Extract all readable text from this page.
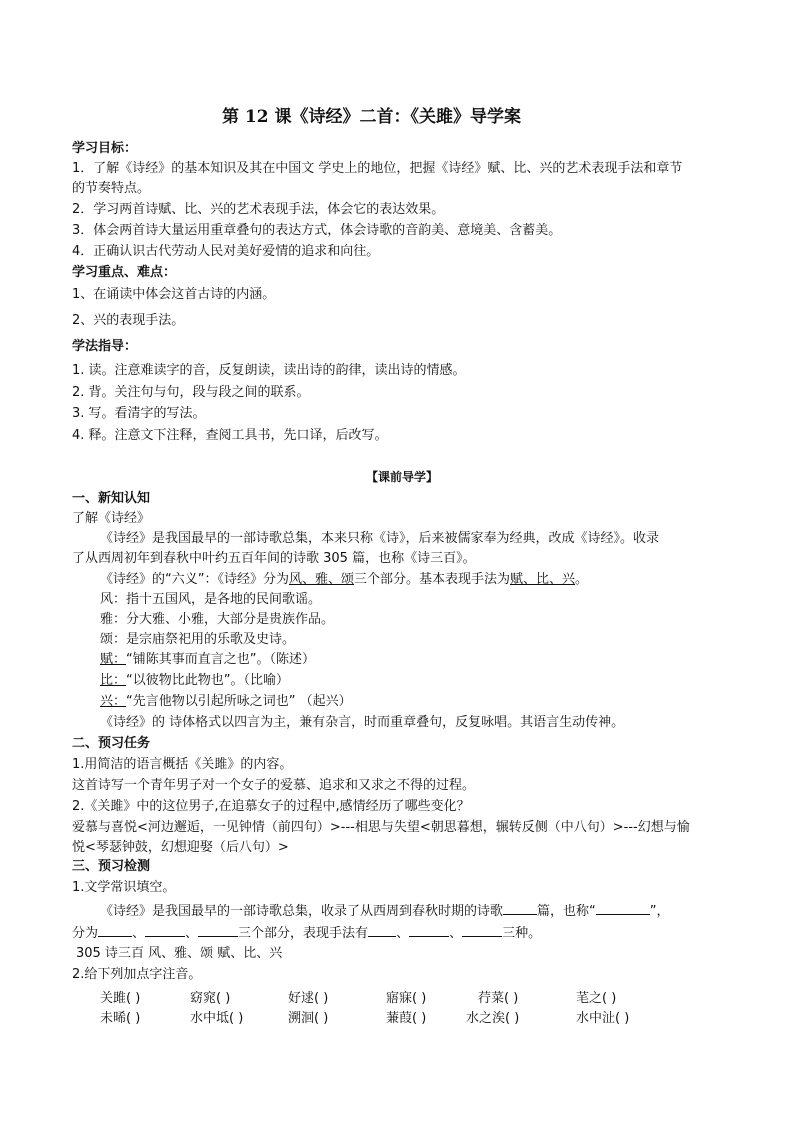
第 12 课《诗经》二首：《关雎》导学案
学习目标：
1．了解《诗经》的基本知识及其在中国文 学史上的地位，把握《诗经》赋、比、兴的艺术表现手法和章节
的节奏特点。
2．学习两首诗赋、比、兴的艺术表现手法，体会它的表达效果。
3．体会两首诗大量运用重章叠句的表达方式，体会诗歌的音韵美、意境美、含蓄美。
4．正确认识古代劳动人民对美好爱情的追求和向往。
学习重点、难点：
1、在诵读中体会这首古诗的内涵。
2、兴的表现手法。
学法指导：
1. 读。注意难读字的音，反复朗读，读出诗的韵律，读出诗的情感。
2. 背。关注句与句，段与段之间的联系。
3. 写。看清字的写法。
4. 释。注意文下注释，查阅工具书，先口译，后改写。
【课前导学】
一、新知认知
了解《诗经》
《诗经》是我国最早的一部诗歌总集，本来只称《诗》，后来被儒家奉为经典，改成《诗经》。收录
了从西周初年到春秋中叶约五百年间的诗歌 305 篇，也称《诗三百》。
《诗经》的“六义”：《诗经》分为风、雅、颂三个部分。基本表现手法为赋、比、兴。
风：指十五国风，是各地的民间歌谣。
雅：分大雅、小雅，大部分是贵族作品。
颂：是宗庙祭祀用的乐歌及史诗。
赋：“铺陈其事而直言之也”。（陈述）
比：“以彼物比此物也”。（比喻）
兴：“先言他物以引起所咏之词也” （起兴）
《诗经》的 诗体格式以四言为主，兼有杂言，时而重章叠句，反复咏唱。其语言生动传神。
二、预习任务
1.用简洁的语言概括《关雎》的内容。
这首诗写一个青年男子对一个女子的爱慕、追求和又求之不得的过程。
2.《关雎》中的这位男子,在追慕女子的过程中,感情经历了哪些变化？
爱慕与喜悦<河边邂逅，一见钟情（前四句）>---相思与失望<朝思暮想，辗转反侧（中八句）>---幻想与愉
悦<琴瑟钟鼓，幻想迎娶（后八句）>
三、预习检测
1.文学常识填空。
《诗经》是我国最早的一部诗歌总集，收录了从西周到春秋时期的诗歌	篇，也称“	”，
分为	、	、	三个部分，表现手法有 、	、	三种。
305 诗三百 风、雅、颂 赋、比、兴
2.给下列加点字注音。
关雎( )	窈窕( )	好逑( )	寤寐( )	荇菜( )	芼之( )
未晞( )	水中坻( )	溯洄( )	蒹葭( )	水之涘( )	水中沚( )
